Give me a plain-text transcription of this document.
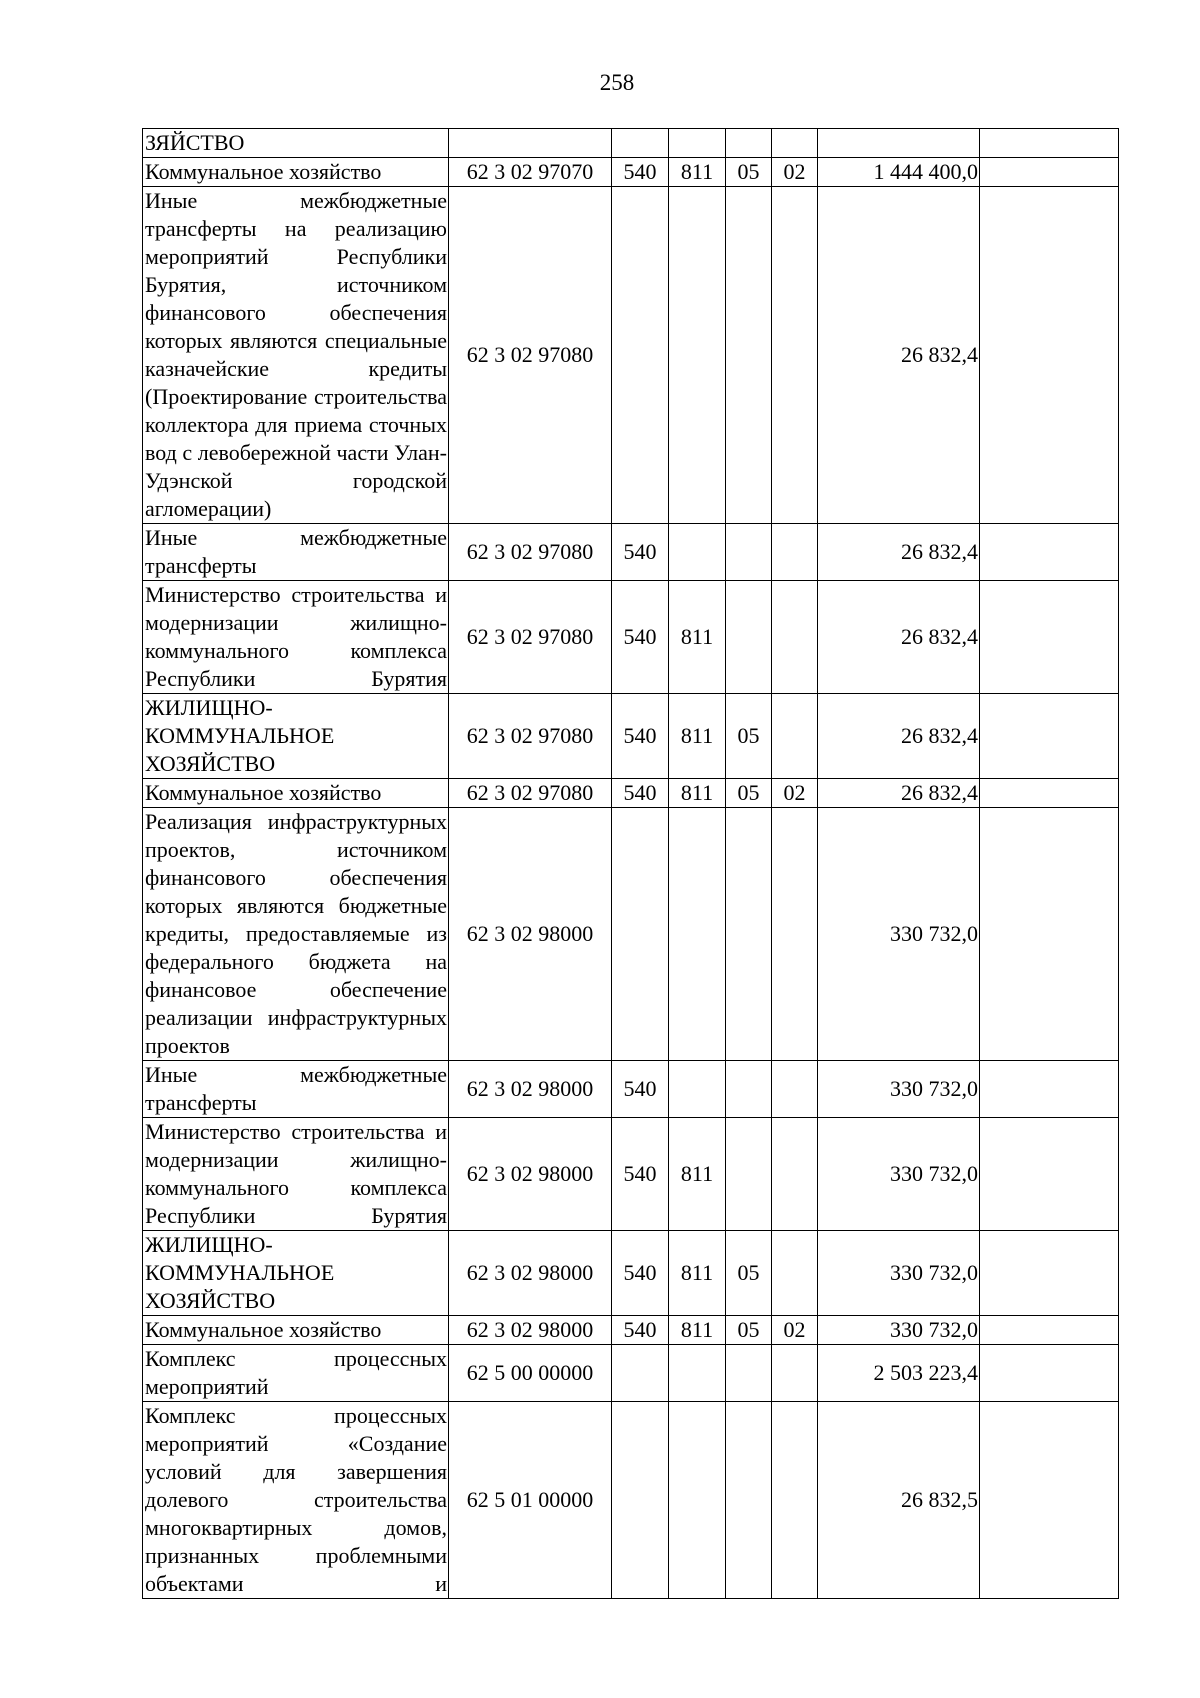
258
ЗЯЙСТВО							
Коммунальное хозяйство	62 3 02 97070	540	811	05	02	1 444 400,0	
Иные межбюджетные трансферты на реализацию мероприятий Республики Бурятия, источником финансового обеспечения которых являются специальные казначейские кредиты (Проектирование строительства коллектора для приема сточных вод с левобережной части Улан-Удэнской городской агломерации)	62 3 02 97080					26 832,4	
Иные межбюджетные трансферты	62 3 02 97080	540				26 832,4	
Министерство строительства и модернизации жилищно-коммунального комплекса Республики Бурятия	62 3 02 97080	540	811			26 832,4	
ЖИЛИЩНО-КОММУНАЛЬНОЕ ХОЗЯЙСТВО	62 3 02 97080	540	811	05		26 832,4	
Коммунальное хозяйство	62 3 02 97080	540	811	05	02	26 832,4	
Реализация инфраструктурных проектов, источником финансового обеспечения которых являются бюджетные кредиты, предоставляемые из федерального бюджета на финансовое обеспечение реализации инфраструктурных проектов	62 3 02 98000					330 732,0	
Иные межбюджетные трансферты	62 3 02 98000	540				330 732,0	
Министерство строительства и модернизации жилищно-коммунального комплекса Республики Бурятия	62 3 02 98000	540	811			330 732,0	
ЖИЛИЩНО-КОММУНАЛЬНОЕ ХОЗЯЙСТВО	62 3 02 98000	540	811	05		330 732,0	
Коммунальное хозяйство	62 3 02 98000	540	811	05	02	330 732,0	
Комплекс процессных мероприятий	62 5 00 00000					2 503 223,4	
Комплекс процессных мероприятий «Создание условий для завершения долевого строительства многоквартирных домов, признанных проблемными объектами и	62 5 01 00000					26 832,5	
